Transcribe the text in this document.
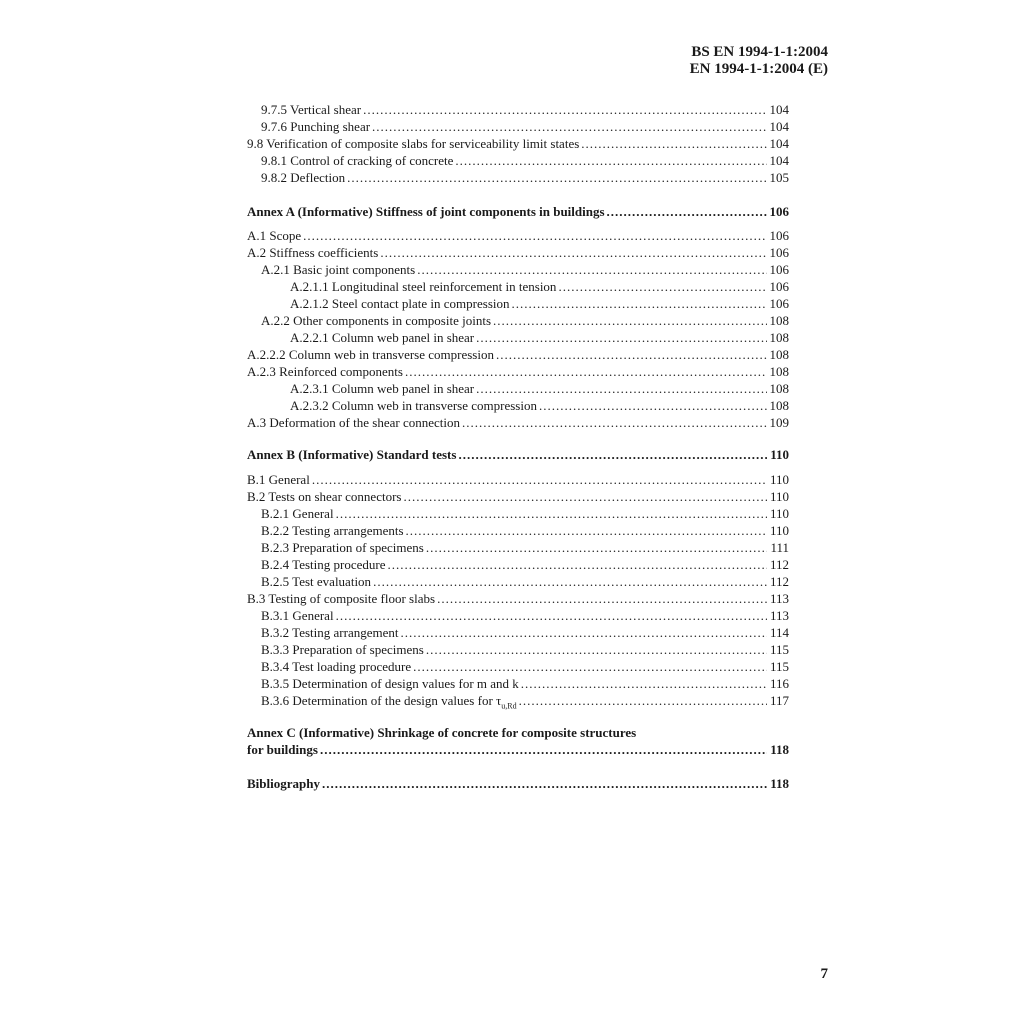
BS EN 1994-1-1:2004
EN 1994-1-1:2004 (E)
9.7.5 Vertical shear .....	104
9.7.6 Punching shear .....	104
9.8 Verification of composite slabs for serviceability limit states .....	104
9.8.1 Control of cracking of concrete .....	104
9.8.2 Deflection .....	105
Annex A (Informative) Stiffness of joint components in buildings .....	106
A.1 Scope .....	106
A.2 Stiffness coefficients .....	106
A.2.1 Basic joint components .....	106
A.2.1.1 Longitudinal steel reinforcement in tension .....	106
A.2.1.2 Steel contact plate in compression .....	106
A.2.2 Other components in composite joints .....	108
A.2.2.1 Column web panel in shear .....	108
A.2.2.2 Column web in transverse compression .....	108
A.2.3 Reinforced components .....	108
A.2.3.1 Column web panel in shear .....	108
A.2.3.2 Column web in transverse compression .....	108
A.3 Deformation of the shear connection .....	109
Annex B (Informative) Standard tests .....	110
B.1 General .....	110
B.2 Tests on shear connectors .....	110
B.2.1 General .....	110
B.2.2 Testing arrangements .....	110
B.2.3 Preparation of specimens .....	111
B.2.4 Testing procedure .....	112
B.2.5 Test evaluation .....	112
B.3 Testing of composite floor slabs .....	113
B.3.1 General .....	113
B.3.2 Testing arrangement .....	114
B.3.3 Preparation of specimens .....	115
B.3.4 Test loading procedure .....	115
B.3.5 Determination of design values for m and k .....	116
B.3.6 Determination of the design values for $\tau_{u,Rd}$ .....	117
Annex C (Informative) Shrinkage of concrete for composite structures
for buildings .....	118
Bibliography .....	118
7
